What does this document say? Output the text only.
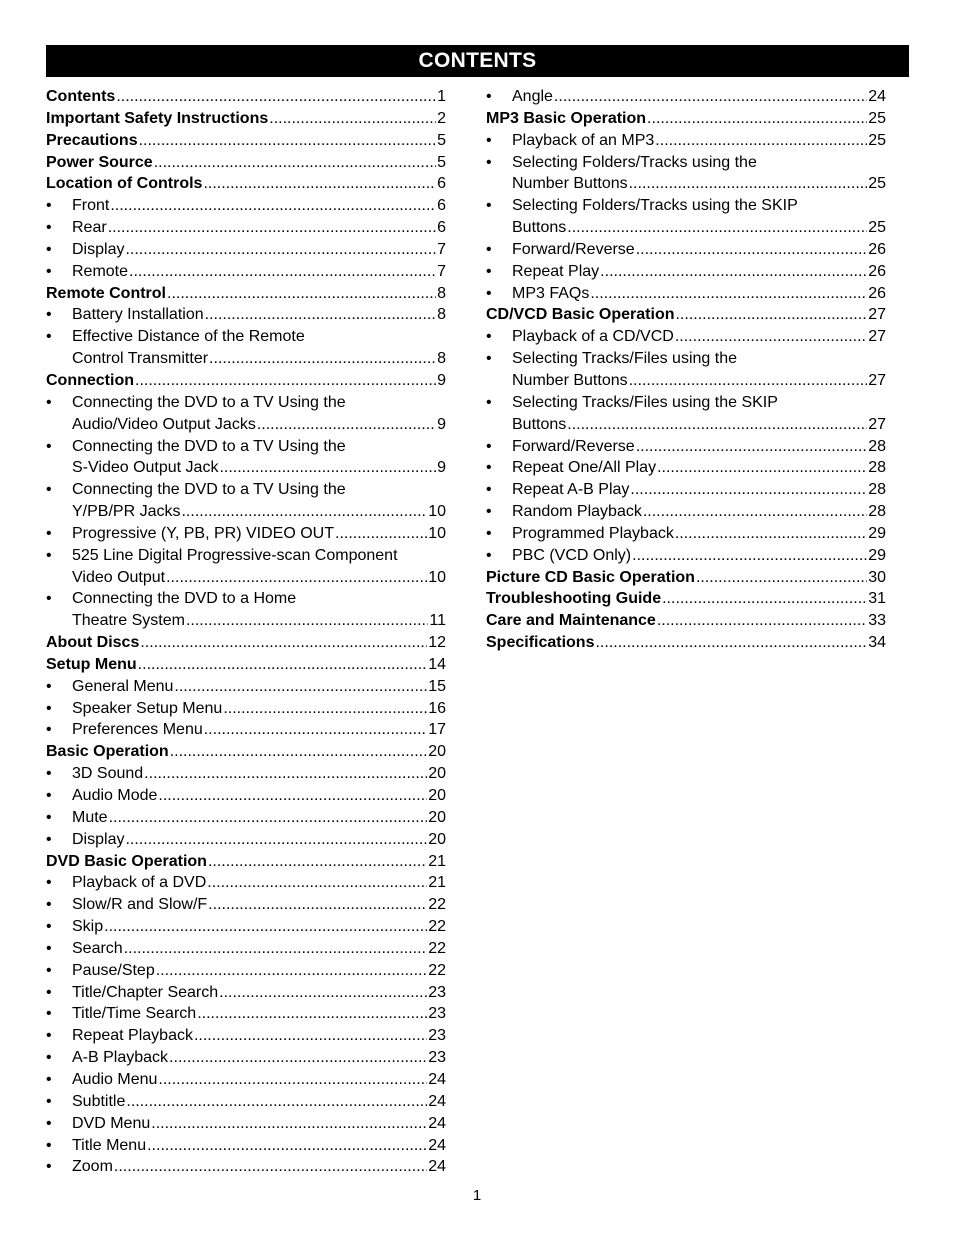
CONTENTS
Contents .....	1
Important Safety Instructions .....	2
Precautions .....	5
Power Source .....	5
Location of Controls .....	6
•	Front .....	6
•	Rear .....	6
•	Display .....	7
•	Remote .....	7
Remote Control .....	8
•	Battery Installation .....	8
•	Effective Distance of the Remote
Control Transmitter .....	8
Connection .....	9
•	Connecting the DVD to a TV Using the
Audio/Video Output Jacks .....	9
•	Connecting the DVD to a TV Using the
S-Video Output Jack .....	9
•	Connecting the DVD to a TV Using the
Y/PB/PR Jacks .....	10
•	Progressive (Y, PB, PR) VIDEO OUT .....	10
•	525 Line Digital Progressive-scan Component
Video Output .....	10
•	Connecting the DVD to a Home
Theatre System .....	11
About Discs .....	12
Setup Menu .....	14
•	General Menu .....	15
•	Speaker Setup Menu .....	16
•	Preferences Menu .....	17
Basic Operation .....	20
•	3D Sound .....	20
•	Audio Mode .....	20
•	Mute .....	20
•	Display .....	20
DVD Basic Operation .....	21
•	Playback of a DVD .....	21
•	Slow/R and Slow/F .....	22
•	Skip .....	22
•	Search .....	22
•	Pause/Step .....	22
•	Title/Chapter Search .....	23
•	Title/Time Search .....	23
•	Repeat Playback .....	23
•	A-B Playback .....	23
•	Audio Menu .....	24
•	Subtitle .....	24
•	DVD Menu .....	24
•	Title Menu .....	24
•	Zoom .....	24
•	Angle .....	24
MP3 Basic Operation .....	25
•	Playback of an MP3 .....	25
•	Selecting Folders/Tracks using the
Number Buttons .....	25
•	Selecting Folders/Tracks using the SKIP
Buttons .....	25
•	Forward/Reverse .....	26
•	Repeat Play .....	26
•	MP3 FAQs .....	26
CD/VCD Basic Operation .....	27
•	Playback of a CD/VCD .....	27
•	Selecting Tracks/Files using the
Number Buttons .....	27
•	Selecting Tracks/Files using the SKIP
Buttons .....	27
•	Forward/Reverse .....	28
•	Repeat One/All Play .....	28
•	Repeat A-B Play .....	28
•	Random Playback .....	28
•	Programmed Playback .....	29
•	PBC (VCD Only) .....	29
Picture CD Basic Operation .....	30
Troubleshooting Guide .....	31
Care and Maintenance .....	33
Specifications .....	34
1
